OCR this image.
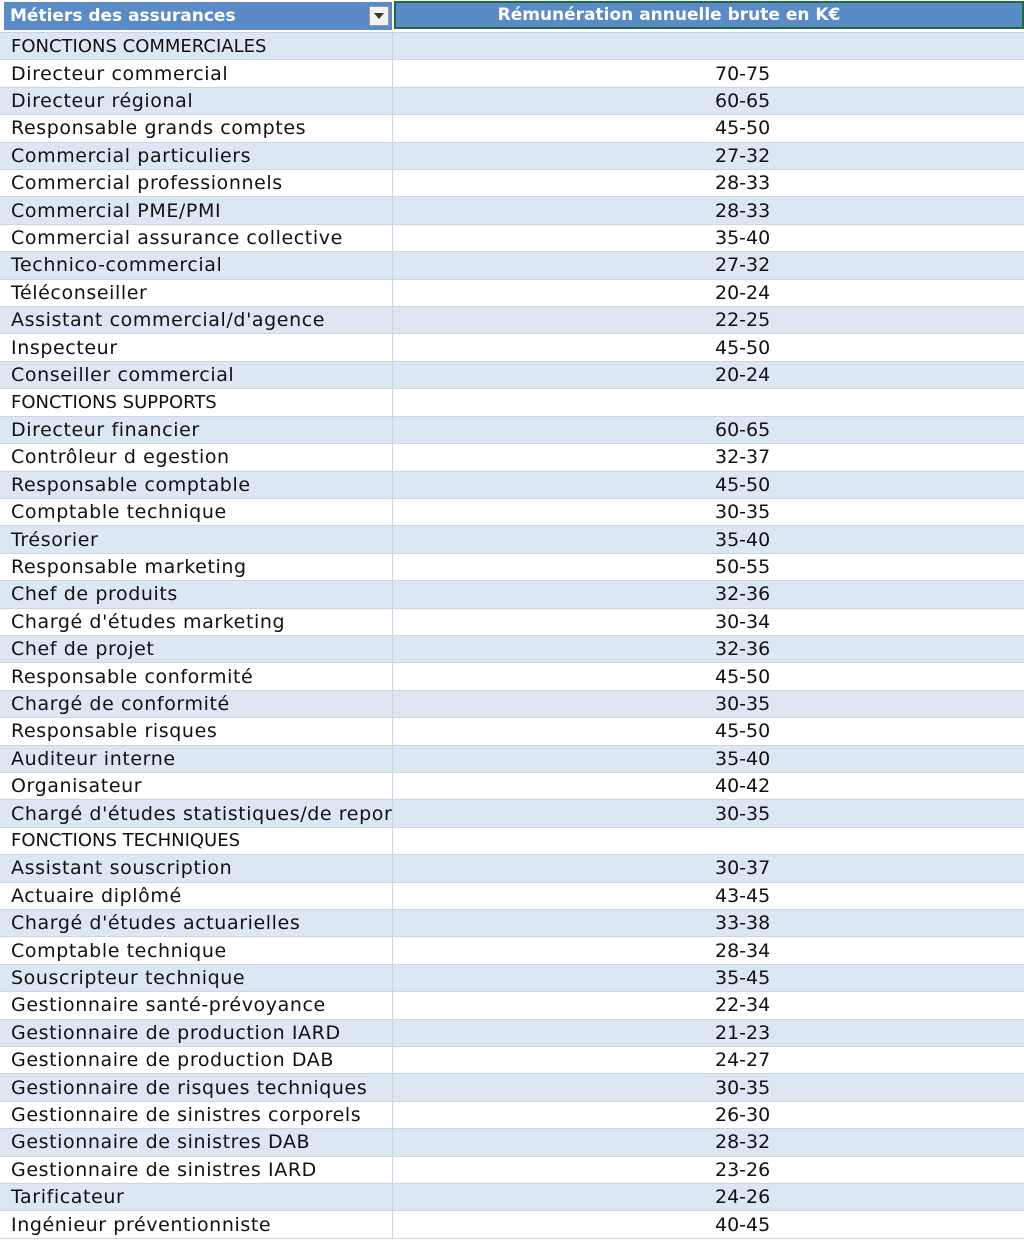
Métiers des assurances	Rémunération annuelle brute en K€
FONCTIONS COMMERCIALES
Directeur commercial	70-75
Directeur régional	60-65
Responsable grands comptes	45-50
Commercial particuliers	27-32
Commercial professionnels	28-33
Commercial PME/PMI	28-33
Commercial assurance collective	35-40
Technico-commercial	27-32
Téléconseiller	20-24
Assistant commercial/d'agence	22-25
Inspecteur	45-50
Conseiller commercial	20-24
FONCTIONS SUPPORTS
Directeur financier	60-65
Contrôleur d egestion	32-37
Responsable comptable	45-50
Comptable technique	30-35
Trésorier	35-40
Responsable marketing	50-55
Chef de produits	32-36
Chargé d'études marketing	30-34
Chef de projet	32-36
Responsable conformité	45-50
Chargé de conformité	30-35
Responsable risques	45-50
Auditeur interne	35-40
Organisateur	40-42
Chargé d'études statistiques/de repor	30-35
FONCTIONS TECHNIQUES
Assistant souscription	30-37
Actuaire diplômé	43-45
Chargé d'études actuarielles	33-38
Comptable technique	28-34
Souscripteur technique	35-45
Gestionnaire santé-prévoyance	22-34
Gestionnaire de production IARD	21-23
Gestionnaire de production DAB	24-27
Gestionnaire de risques techniques	30-35
Gestionnaire de sinistres corporels	26-30
Gestionnaire de sinistres DAB	28-32
Gestionnaire de sinistres IARD	23-26
Tarificateur	24-26
Ingénieur préventionniste	40-45
